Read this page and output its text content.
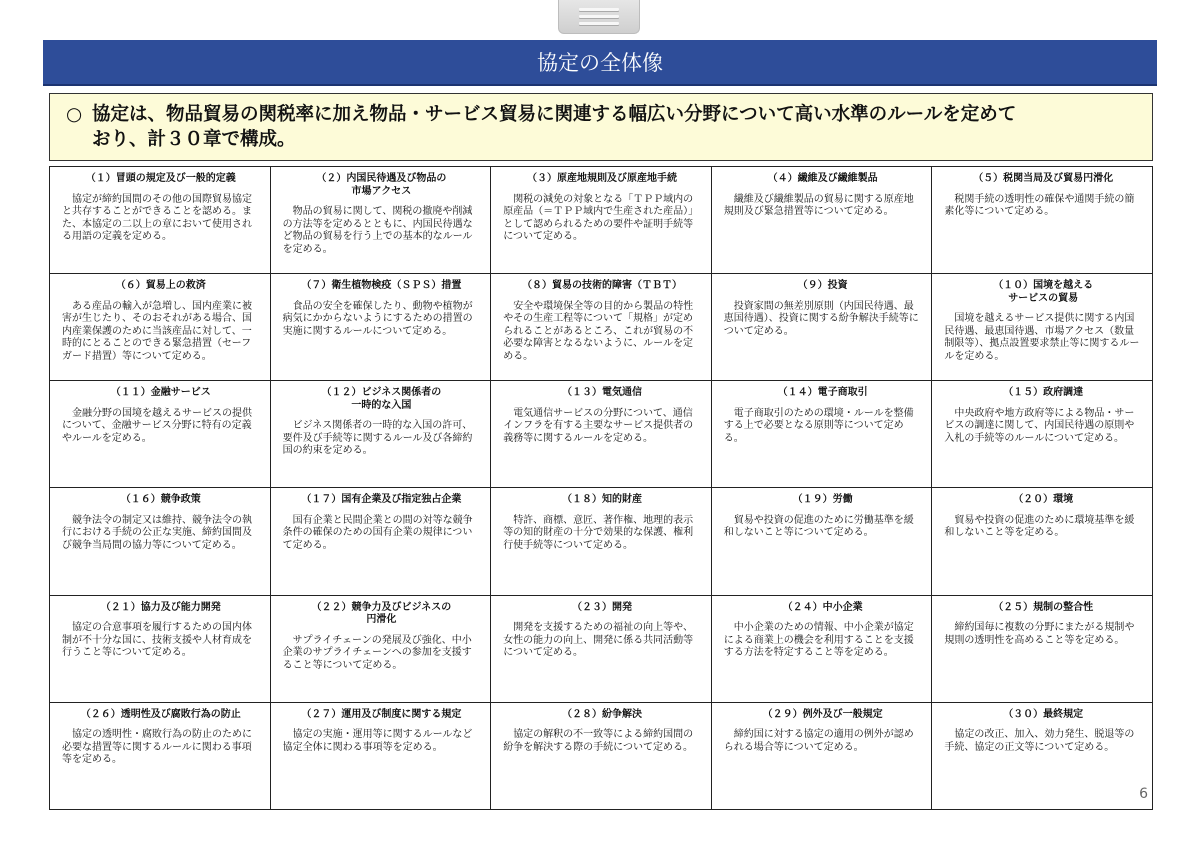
協定の全体像
○ 協定は、物品貿易の関税率に加え物品・サービス貿易に関連する幅広い分野について高い水準のルールを定めて
おり、計３０章で構成。
（１）冒頭の規定及び一般的定義
協定が締約国間のその他の国際貿易協定と共存することができることを認める。また、本協定の二以上の章において使用される用語の定義を定める。
（２）内国民待遇及び物品の
市場アクセス
物品の貿易に関して、関税の撤廃や削減の方法等を定めるとともに、内国民待遇など物品の貿易を行う上での基本的なルールを定める。
（３）原産地規則及び原産地手続
関税の減免の対象となる「ＴＰＰ域内の原産品（＝ＴＰＰ域内で生産された産品）」として認められるための要件や証明手続等について定める。
（４）繊維及び繊維製品
繊維及び繊維製品の貿易に関する原産地規則及び緊急措置等について定める。
（５）税関当局及び貿易円滑化
税関手続の透明性の確保や通関手続の簡素化等について定める。
（６）貿易上の救済
ある産品の輸入が急増し、国内産業に被害が生じたり、そのおそれがある場合、国内産業保護のために当該産品に対して、一時的にとることのできる緊急措置（セーフガード措置）等について定める。
（７）衛生植物検疫（ＳＰＳ）措置
食品の安全を確保したり、動物や植物が病気にかからないようにするための措置の実施に関するルールについて定める。
（８）貿易の技術的障害（ＴＢＴ）
安全や環境保全等の目的から製品の特性やその生産工程等について「規格」が定められることがあるところ、これが貿易の不必要な障害となるないように、ルールを定める。
（９）投資
投資家間の無差別原則（内国民待遇、最恵国待遇）、投資に関する紛争解決手続等について定める。
（１０）国境を越える
サービスの貿易
国境を越えるサービス提供に関する内国民待遇、最恵国待遇、市場アクセス（数量制限等）、拠点設置要求禁止等に関するルールを定める。
（１１）金融サービス
金融分野の国境を越えるサービスの提供について、金融サービス分野に特有の定義やルールを定める。
（１２）ビジネス関係者の
一時的な入国
ビジネス関係者の一時的な入国の許可、要件及び手続等に関するルール及び各締約国の約束を定める。
（１３）電気通信
電気通信サービスの分野について、通信インフラを有する主要なサービス提供者の義務等に関するルールを定める。
（１４）電子商取引
電子商取引のための環境・ルールを整備する上で必要となる原則等について定める。
（１５）政府調達
中央政府や地方政府等による物品・サービスの調達に関して、内国民待遇の原則や入札の手続等のルールについて定める。
（１６）競争政策
競争法令の制定又は維持、競争法令の執行における手続の公正な実施、締約国間及び競争当局間の協力等について定める。
（１７）国有企業及び指定独占企業
国有企業と民間企業との間の対等な競争条件の確保のための国有企業の規律について定める。
（１８）知的財産
特許、商標、意匠、著作権、地理的表示等の知的財産の十分で効果的な保護、権利行使手続等について定める。
（１９）労働
貿易や投資の促進のために労働基準を緩和しないこと等について定める。
（２０）環境
貿易や投資の促進のために環境基準を緩和しないこと等を定める。
（２１）協力及び能力開発
協定の合意事項を履行するための国内体制が不十分な国に、技術支援や人材育成を行うこと等について定める。
（２２）競争力及びビジネスの
円滑化
サプライチェーンの発展及び強化、中小企業のサプライチェーンへの参加を支援すること等について定める。
（２３）開発
開発を支援するための福祉の向上等や、女性の能力の向上、開発に係る共同活動等について定める。
（２４）中小企業
中小企業のための情報、中小企業が協定による商業上の機会を利用することを支援する方法を特定すること等を定める。
（２５）規制の整合性
締約国毎に複数の分野にまたがる規制や規則の透明性を高めること等を定める。
（２６）透明性及び腐敗行為の防止
協定の透明性・腐敗行為の防止のために必要な措置等に関するルールに関わる事項等を定める。
（２７）運用及び制度に関する規定
協定の実施・運用等に関するルールなど協定全体に関わる事項等を定める。
（２８）紛争解決
協定の解釈の不一致等による締約国間の紛争を解決する際の手続について定める。
（２９）例外及び一般規定
締約国に対する協定の適用の例外が認められる場合等について定める。
（３０）最終規定
協定の改正、加入、効力発生、脱退等の手続、協定の正文等について定める。
6
